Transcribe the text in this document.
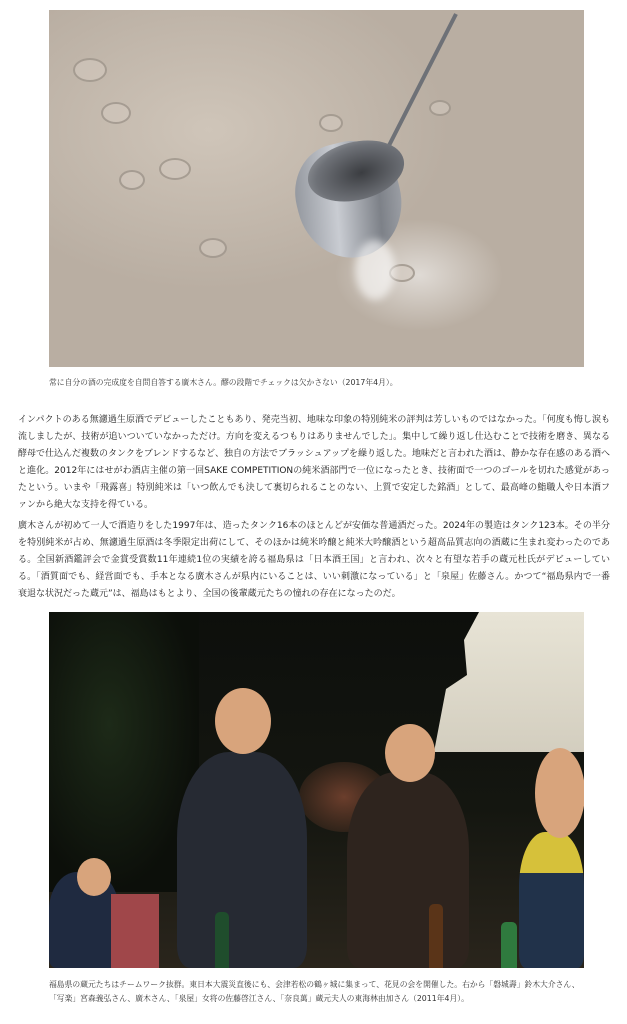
常に自分の酒の完成度を自問自答する廣木さん。醪の段階でチェックは欠かさない（2017年4月）。

インパクトのある無濾過生原酒でデビューしたこともあり、発売当初、地味な印象の特別純米の評判は芳しいものではなかった。「何度も悔し涙も流しましたが、技術が追いついていなかっただけ。方向を変えるつもりはありませんでした」。集中して繰り返し仕込むことで技術を磨き、異なる酵母で仕込んだ複数のタンクをブレンドするなど、独自の方法でブラッシュアップを繰り返した。地味だと言われた酒は、静かな存在感のある酒へと進化。2012年にはせがわ酒店主催の第一回SAKE COMPETITIONの純米酒部門で一位になったとき、技術面で一つのゴールを切れた感覚があったという。いまや「飛露喜」特別純米は「いつ飲んでも決して裏切られることのない、上質で安定した銘酒」として、最高峰の鮨職人や日本酒ファンから絶大な支持を得ている。

廣木さんが初めて一人で酒造りをした1997年は、造ったタンク16本のほとんどが安価な普通酒だった。2024年の製造はタンク123本。その半分を特別純米が占め、無濾過生原酒は冬季限定出荷にして、そのほかは純米吟醸と純米大吟醸酒という超高品質志向の酒蔵に生まれ変わったのである。全国新酒鑑評会で金賞受賞数11年連続1位の実績を誇る福島県は「日本酒王国」と言われ、次々と有望な若手の蔵元杜氏がデビューしている。「酒質面でも、経営面でも、手本となる廣木さんが県内にいることは、いい刺激になっている」と「泉屋」佐藤さん。かつて“福島県内で一番衰退な状況だった蔵元”は、福島はもとより、全国の後輩蔵元たちの憧れの存在になったのだ。

福島県の蔵元たちはチームワーク抜群。東日本大震災直後にも、会津若松の鶴ヶ城に集まって、花見の会を開催した。右から「磐城壽」鈴木大介さん、「写楽」宮森義弘さん、廣木さん、「泉屋」女将の佐藤啓江さん、「奈良萬」蔵元夫人の東海林由加さん（2011年4月）。
